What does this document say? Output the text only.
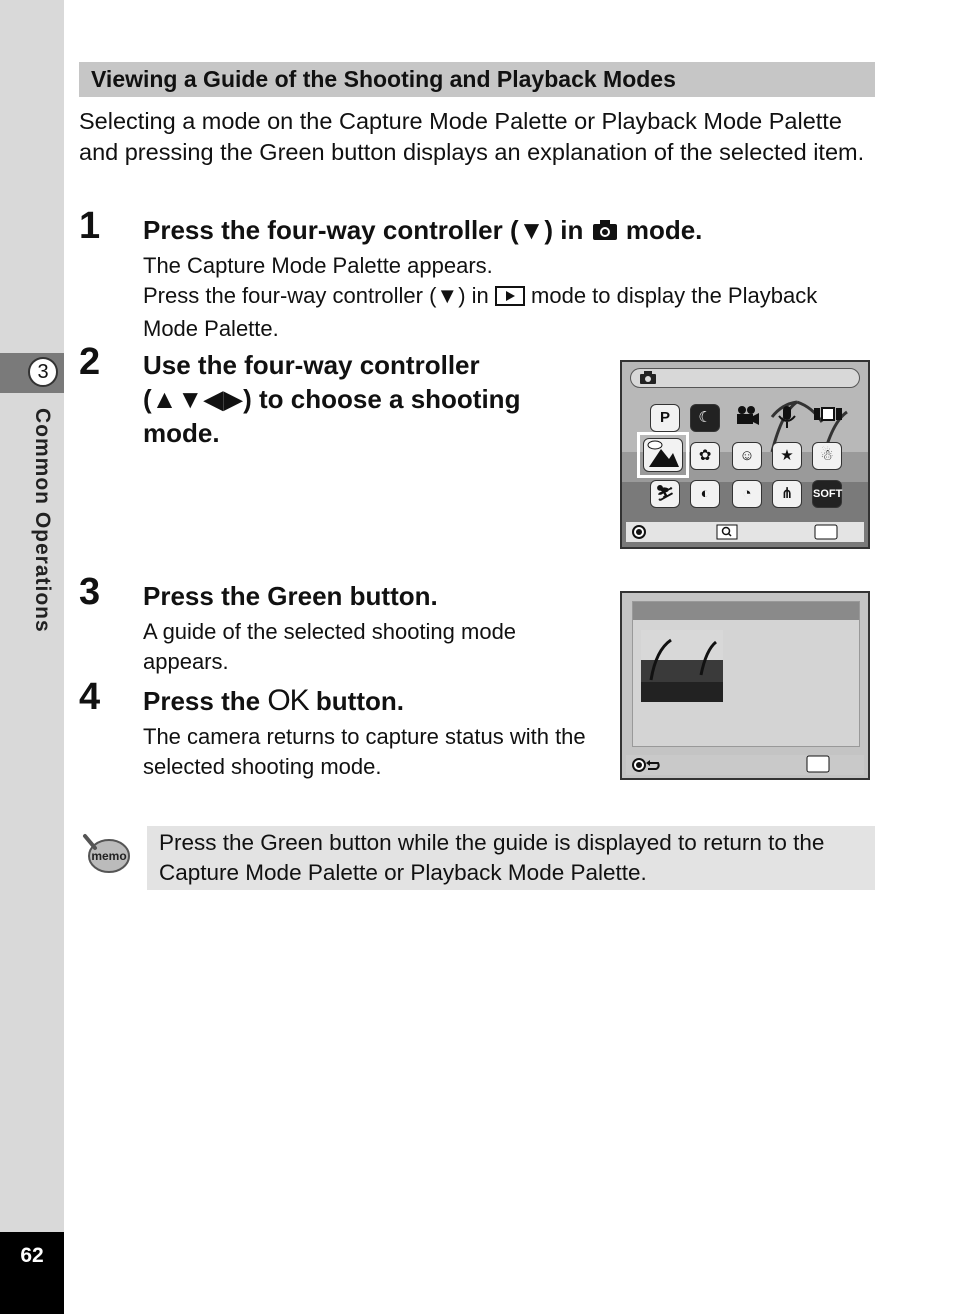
3
Common Operations
62
Viewing a Guide of the Shooting and Playback Modes
Selecting a mode on the Capture Mode Palette or Playback Mode Palette and pressing the Green button displays an explanation of the selected item.
1 Press the four-way controller (▼) in mode.
The Capture Mode Palette appears.
Press the four-way controller (▼) in mode to display the Playback Mode Palette.
2 Use the four-way controller
(▲▼◀▶) to choose a shooting
mode.
P	☾
✿	☺	★	☃
⛷	◐	◔	⋔	SOFT
3 Press the Green button.
A guide of the selected shooting mode appears.
4 Press the OK button.
The camera returns to capture status with the selected shooting mode.
memo
Press the Green button while the guide is displayed to return to the Capture Mode Palette or Playback Mode Palette.
